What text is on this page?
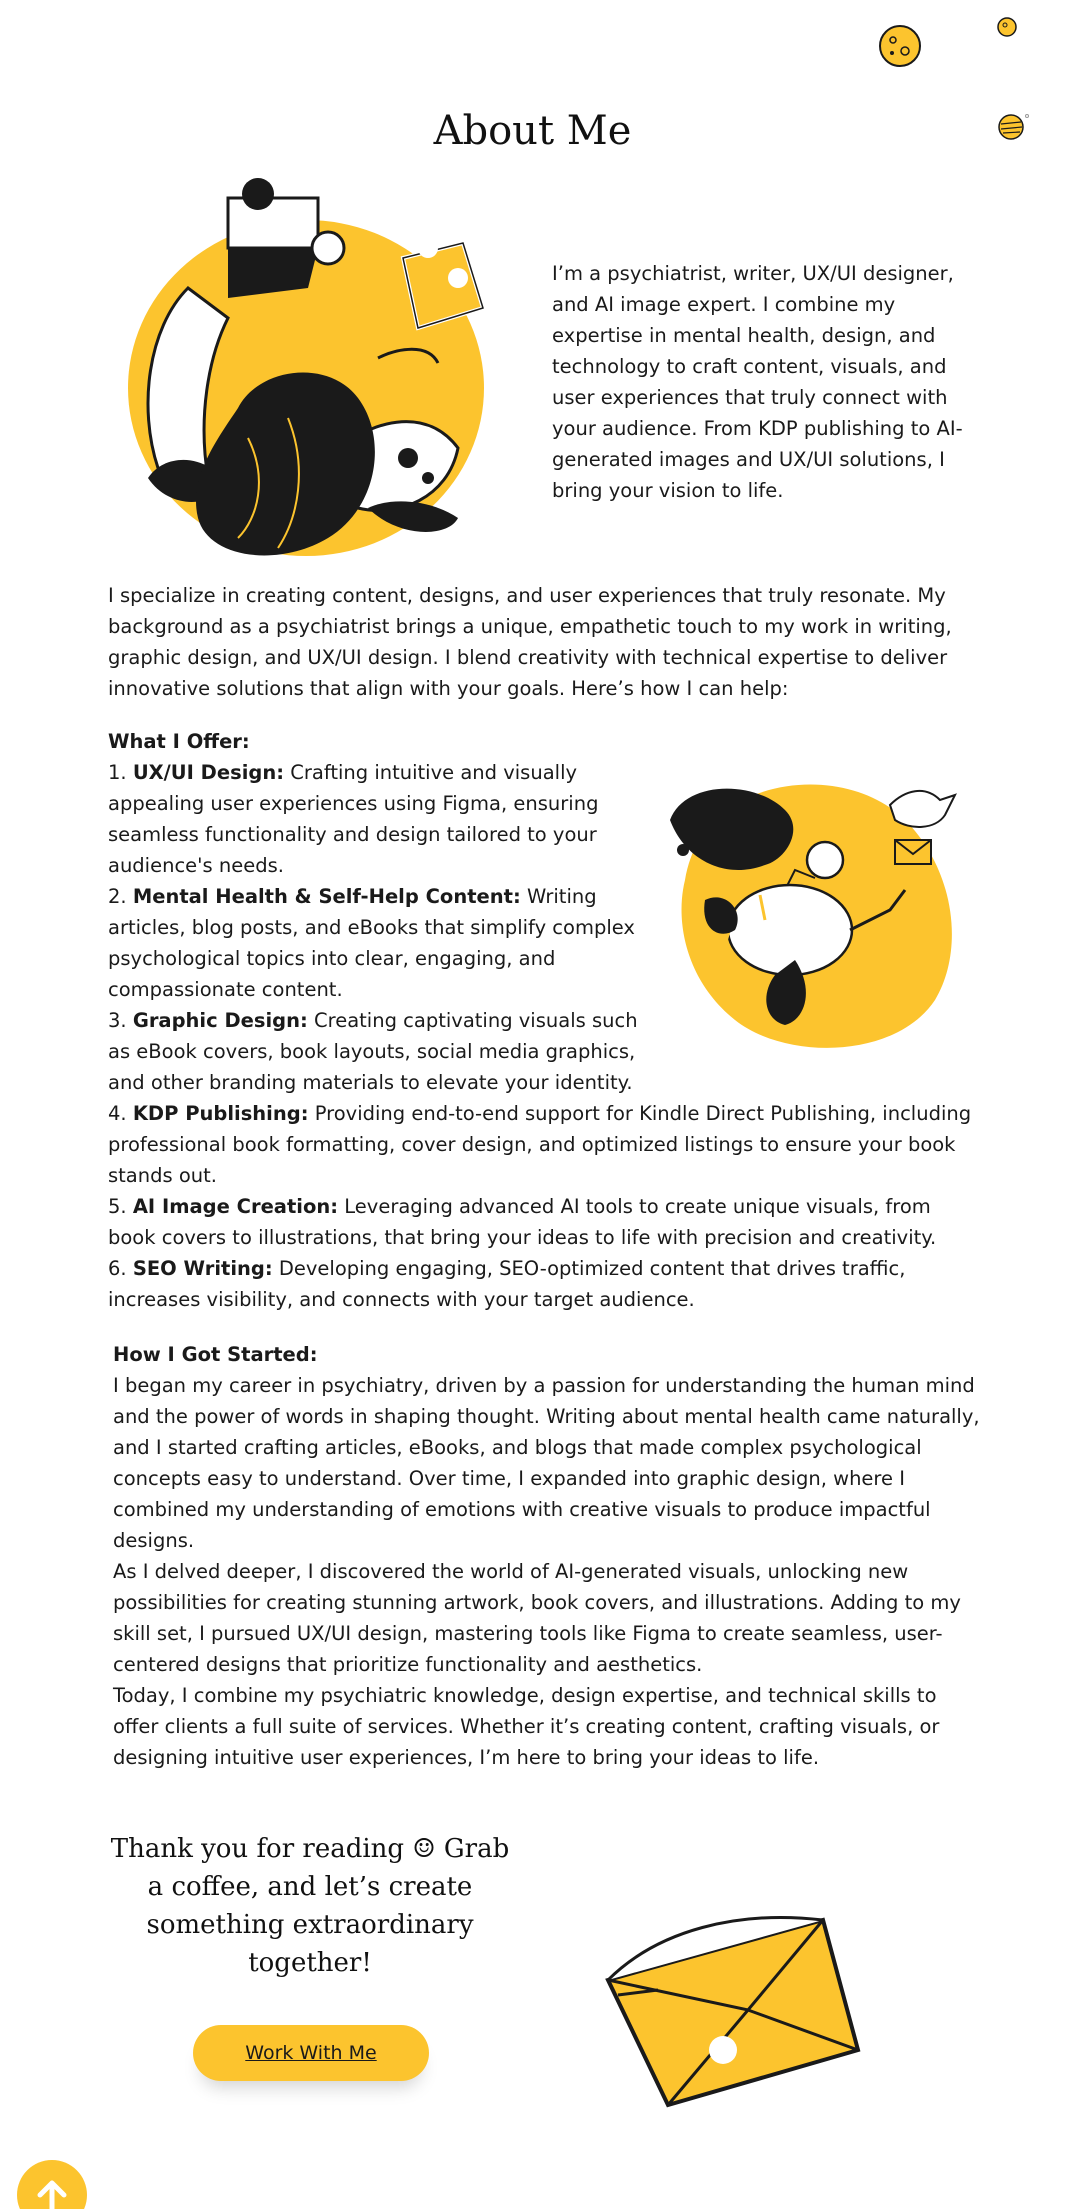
About Me

I’m a psychiatrist, writer, UX/UI designer, and AI image expert. I combine my expertise in mental health, design, and technology to craft content, visuals, and user experiences that truly connect with your audience. From KDP publishing to AI-generated images and UX/UI solutions, I bring your vision to life.

I specialize in creating content, designs, and user experiences that truly resonate. My background as a psychiatrist brings a unique, empathetic touch to my work in writing, graphic design, and UX/UI design. I blend creativity with technical expertise to deliver innovative solutions that align with your goals. Here’s how I can help:

What I Offer:

1. UX/UI Design: Crafting intuitive and visually appealing user experiences using Figma, ensuring seamless functionality and design tailored to your audience's needs.

2. Mental Health & Self-Help Content: Writing articles, blog posts, and eBooks that simplify complex psychological topics into clear, engaging, and compassionate content.

3. Graphic Design: Creating captivating visuals such as eBook covers, book layouts, social media graphics, and other branding materials to elevate your identity.

4. KDP Publishing: Providing end-to-end support for Kindle Direct Publishing, including professional book formatting, cover design, and optimized listings to ensure your book stands out.

5. AI Image Creation: Leveraging advanced AI tools to create unique visuals, from book covers to illustrations, that bring your ideas to life with precision and creativity.

6. SEO Writing: Developing engaging, SEO-optimized content that drives traffic, increases visibility, and connects with your target audience.

How I Got Started:

I began my career in psychiatry, driven by a passion for understanding the human mind and the power of words in shaping thought. Writing about mental health came naturally, and I started crafting articles, eBooks, and blogs that made complex psychological concepts easy to understand. Over time, I expanded into graphic design, where I combined my understanding of emotions with creative visuals to produce impactful designs.

As I delved deeper, I discovered the world of AI-generated visuals, unlocking new possibilities for creating stunning artwork, book covers, and illustrations. Adding to my skill set, I pursued UX/UI design, mastering tools like Figma to create seamless, user-centered designs that prioritize functionality and aesthetics.

Today, I combine my psychiatric knowledge, design expertise, and technical skills to offer clients a full suite of services. Whether it’s creating content, crafting visuals, or designing intuitive user experiences, I’m here to bring your ideas to life.

Thank you for reading ☺ Grab a coffee, and let’s create something extraordinary together!

Work With Me
